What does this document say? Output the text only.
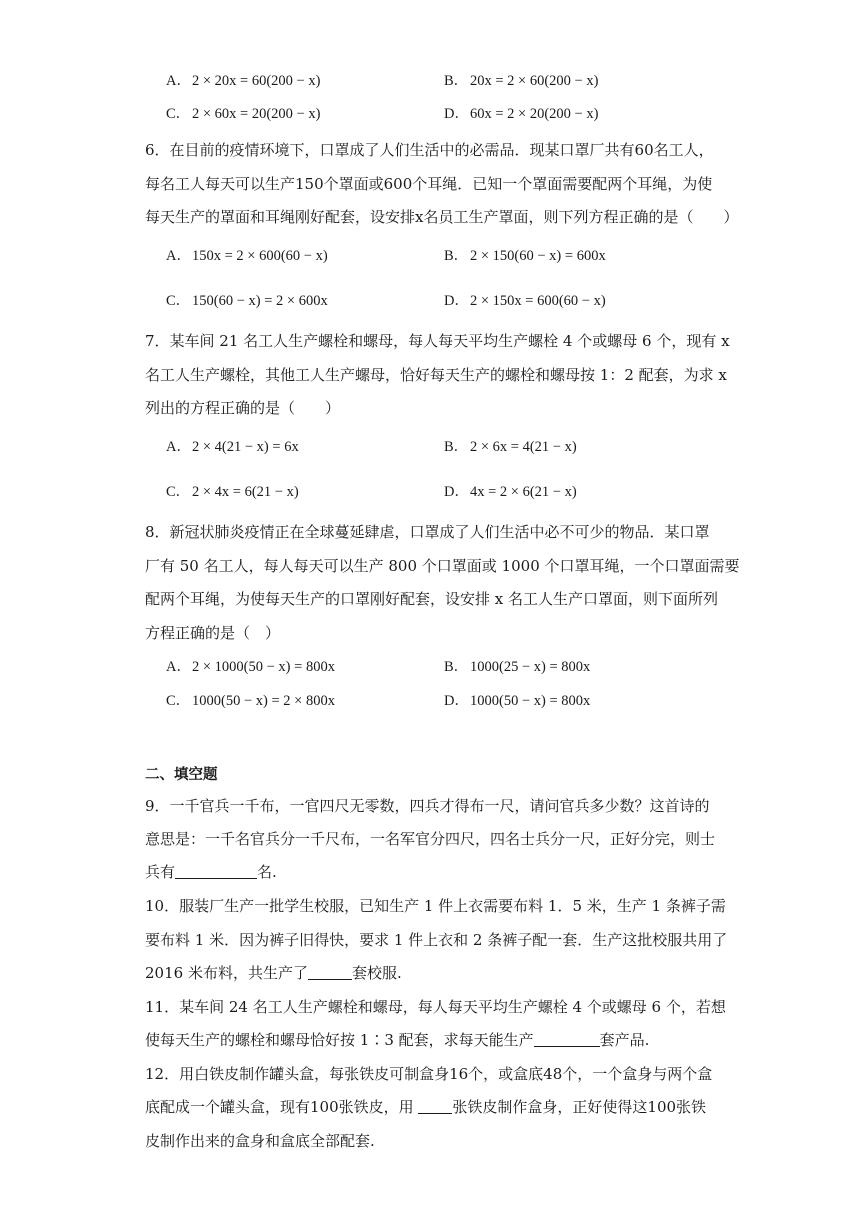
A．2 × 20x = 60(200 − x)	B． 20x = 2 × 60(200 − x)
C． 2 × 60x = 20(200 − x)	D．60x = 2 × 20(200 − x)
6．在目前的疫情环境下，口罩成了人们生活中的必需品．现某口罩厂共有60名工人，
每名工人每天可以生产150个罩面或600个耳绳．已知一个罩面需要配两个耳绳，为使
每天生产的罩面和耳绳刚好配套，设安排x名员工生产罩面，则下列方程正确的是（　　）
A．150x = 2 × 600(60 − x)	B． 2 × 150(60 − x) = 600x
C． 150(60 − x) = 2 × 600x	D．2 × 150x = 600(60 − x)
7．某车间 21 名工人生产螺栓和螺母，每人每天平均生产螺栓 4 个或螺母 6 个，现有 x
名工人生产螺栓，其他工人生产螺母，恰好每天生产的螺栓和螺母按 1：2 配套，为求 x
列出的方程正确的是（　　）
A．2 × 4(21 − x) = 6x	B． 2 × 6x = 4(21 − x)
C． 2 × 4x = 6(21 − x)	D．4x = 2 × 6(21 − x)
8．新冠状肺炎疫情正在全球蔓延肆虐，口罩成了人们生活中必不可少的物品．某口罩
厂有 50 名工人，每人每天可以生产 800 个口罩面或 1000 个口罩耳绳，一个口罩面需要
配两个耳绳，为使每天生产的口罩刚好配套，设安排 x 名工人生产口罩面，则下面所列
方程正确的是（　）
A．2 × 1000(50 − x) = 800x	B． 1000(25 − x) = 800x
C． 1000(50 − x) = 2 × 800x	D．1000(50 − x) = 800x
二、填空题
9．一千官兵一千布，一官四尺无零数，四兵才得布一尺，请问官兵多少数？这首诗的
意思是：一千名官兵分一千尺布，一名军官分四尺，四名士兵分一尺，正好分完，则士
兵有	名.
10．服装厂生产一批学生校服，已知生产 1 件上衣需要布料 1．5 米，生产 1 条裤子需
要布料 1 米．因为裤子旧得快，要求 1 件上衣和 2 条裤子配一套．生产这批校服共用了
2016 米布料，共生产了	套校服.
11．某车间 24 名工人生产螺栓和螺母，每人每天平均生产螺栓 4 个或螺母 6 个，若想
使每天生产的螺栓和螺母恰好按 1∶3 配套，求每天能生产	套产品.
12．用白铁皮制作罐头盒，每张铁皮可制盒身16个，或盒底48个，一个盒身与两个盒
底配成一个罐头盒，现有100张铁皮，用 张铁皮制作盒身，正好使得这100张铁
皮制作出来的盒身和盒底全部配套.
